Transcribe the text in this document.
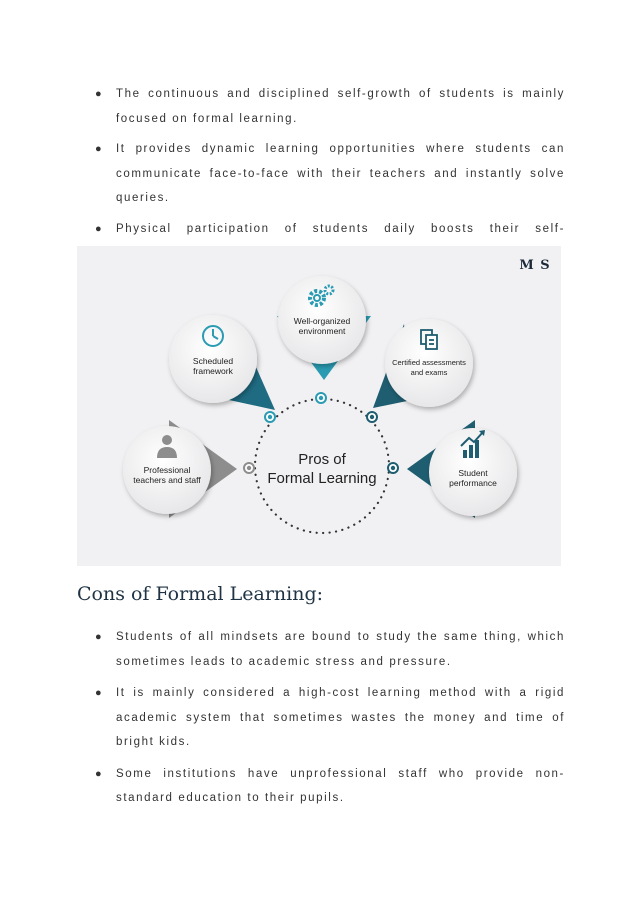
● The continuous and disciplined self-growth of students is mainly focused on formal learning.
● It provides dynamic learning opportunities where students can communicate face-to-face with their teachers and instantly solve queries.
● Physical participation of students daily boosts their self-
M S
Well-organized
environment
Scheduled
framework
Certified assessments
and exams
Professional
teachers and staff
Student
performance
Pros of
Formal Learning
Cons of Formal Learning:
● Students of all mindsets are bound to study the same thing, which sometimes leads to academic stress and pressure.
● It is mainly considered a high-cost learning method with a rigid academic system that sometimes wastes the money and time of bright kids.
● Some institutions have unprofessional staff who provide non-standard education to their pupils.
